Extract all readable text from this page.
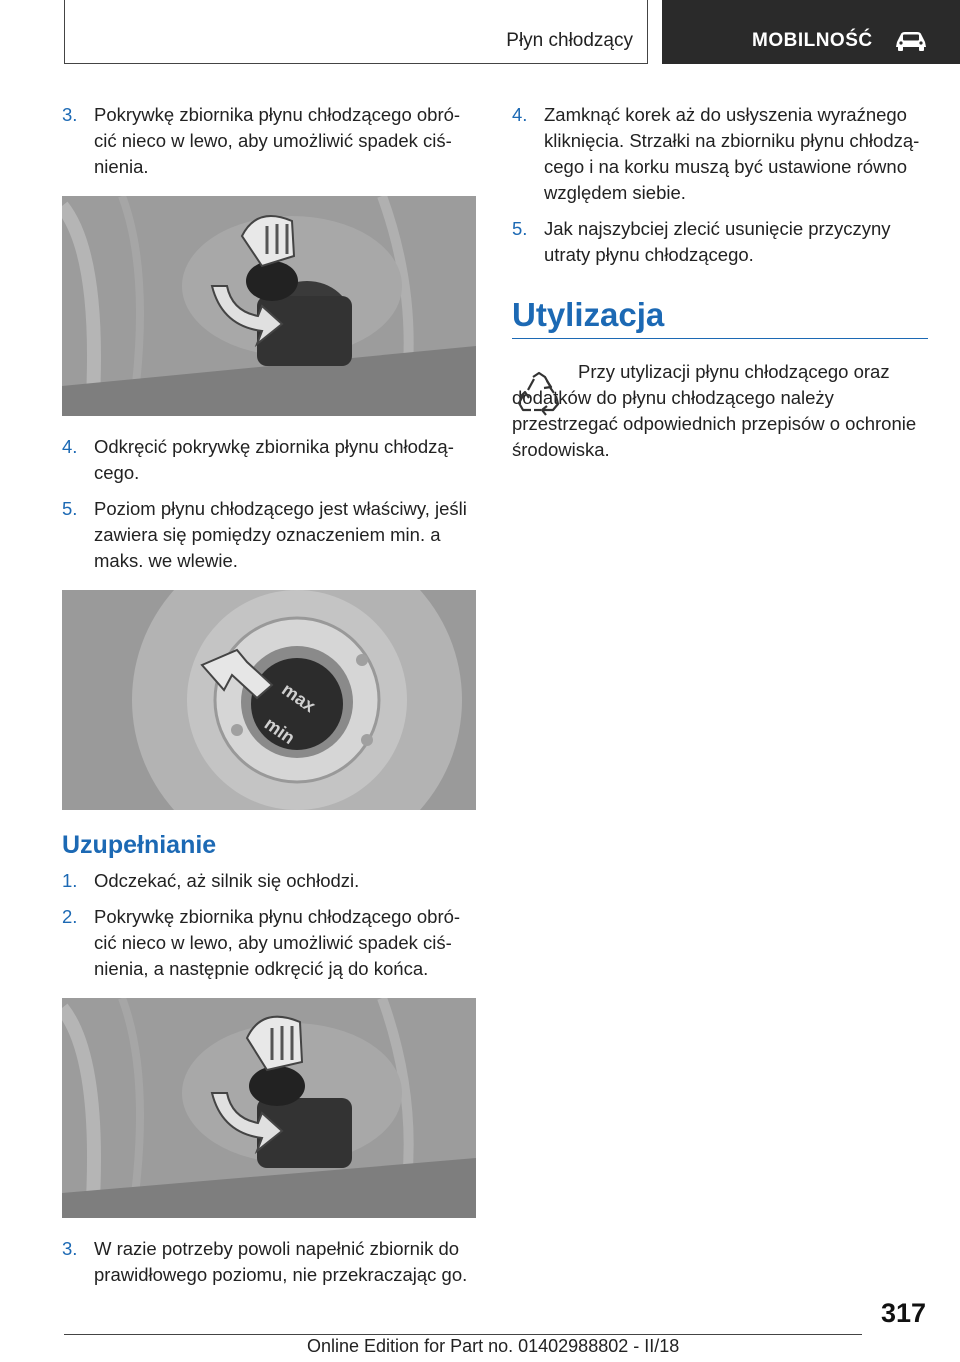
Płyn chłodzący	MOBILNOŚĆ
3. Pokrywkę zbiornika płynu chłodzącego obrócić nieco w lewo, aby umożliwić spadek ciśnienia.
4. Odkręcić pokrywkę zbiornika płynu chłodzącego.
5. Poziom płynu chłodzącego jest właściwy, jeśli zawiera się pomiędzy oznaczeniem min. a maks. we wlewie.
max
min
Uzupełnianie
1. Odczekać, aż silnik się ochłodzi.
2. Pokrywkę zbiornika płynu chłodzącego obrócić nieco w lewo, aby umożliwić spadek ciśnienia, a następnie odkręcić ją do końca.
3. W razie potrzeby powoli napełnić zbiornik do prawidłowego poziomu, nie przekraczając go.
4. Zamknąć korek aż do usłyszenia wyraźnego kliknięcia. Strzałki na zbiorniku płynu chłodzącego i na korku muszą być ustawione równo względem siebie.
5. Jak najszybciej zlecić usunięcie przyczyny utraty płynu chłodzącego.
Utylizacja
Przy utylizacji płynu chłodzącego oraz dodatków do płynu chłodzącego należy przestrzegać odpowiednich przepisów o ochronie środowiska.
317
Online Edition for Part no. 01402988802 - II/18
